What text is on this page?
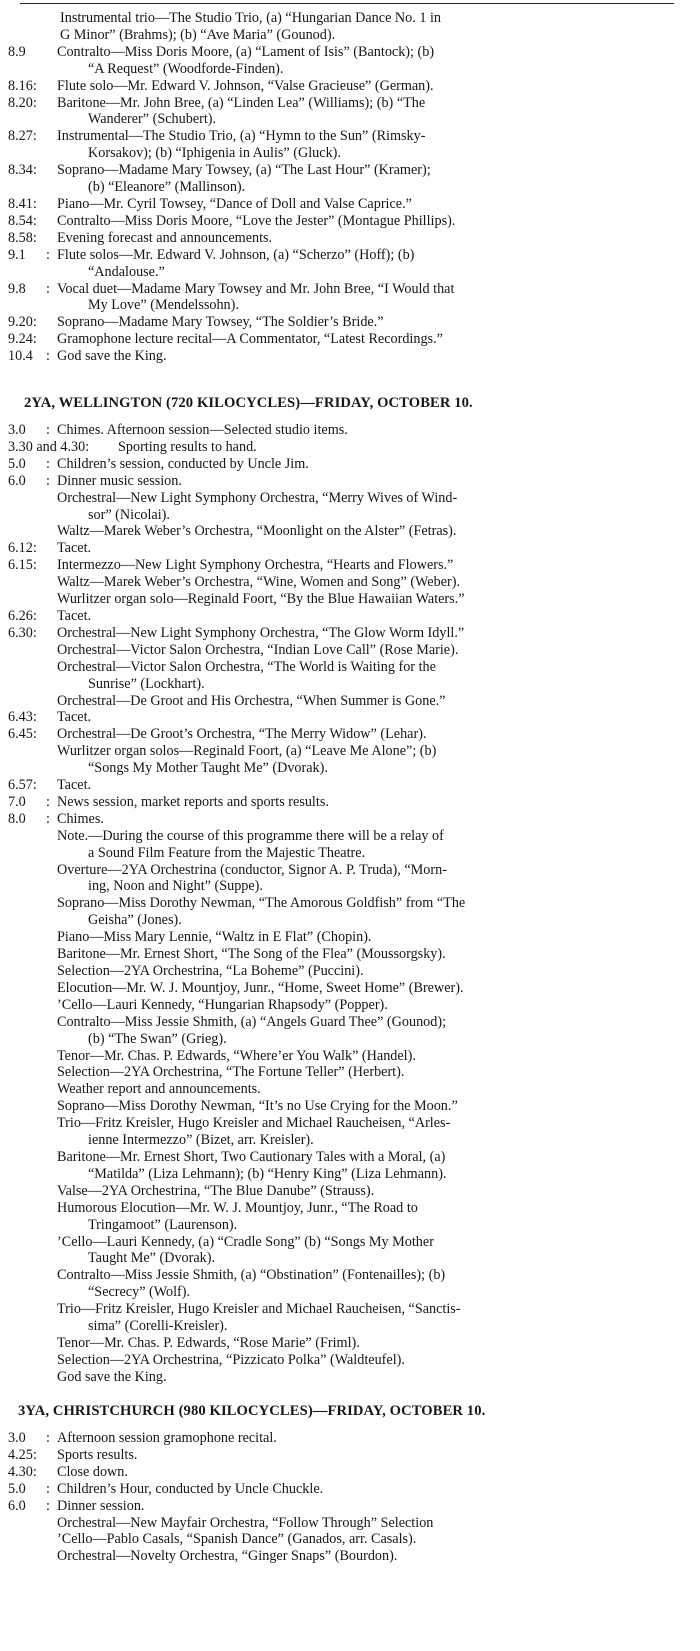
Instrumental trio—The Studio Trio, (a) “Hungarian Dance No. 1 in
G Minor” (Brahms); (b) “Ave Maria” (Gounod).
8.9	Contralto—Miss Doris Moore, (a) “Lament of Isis” (Bantock); (b)
“A Request” (Woodforde-Finden).
8.16:	Flute solo—Mr. Edward V. Johnson, “Valse Gracieuse” (German).
8.20:	Baritone—Mr. John Bree, (a) “Linden Lea” (Williams); (b) “The
Wanderer” (Schubert).
8.27:	Instrumental—The Studio Trio, (a) “Hymn to the Sun” (Rimsky-
Korsakov); (b) “Iphigenia in Aulis” (Gluck).
8.34:	Soprano—Madame Mary Towsey, (a) “The Last Hour” (Kramer);
(b) “Eleanore” (Mallinson).
8.41:	Piano—Mr. Cyril Towsey, “Dance of Doll and Valse Caprice.”
8.54:	Contralto—Miss Doris Moore, “Love the Jester” (Montague Phillips).
8.58:	Evening forecast and announcements.
9.1 : Flute solos—Mr. Edward V. Johnson, (a) “Scherzo” (Hoff); (b)
“Andalouse.”
9.8 : Vocal duet—Madame Mary Towsey and Mr. John Bree, “I Would that
My Love” (Mendelssohn).
9.20:	Soprano—Madame Mary Towsey, “The Soldier’s Bride.”
9.24:	Gramophone lecture recital—A Commentator, “Latest Recordings.”
10.4 : God save the King.
2YA, WELLINGTON (720 KILOCYCLES)—FRIDAY, OCTOBER 10.
3.0 : Chimes. Afternoon session—Selected studio items.
3.30 and 4.30:	Sporting results to hand.
5.0 : Children’s session, conducted by Uncle Jim.
6.0 : Dinner music session.
Orchestral—New Light Symphony Orchestra, “Merry Wives of Wind-
sor” (Nicolai).
Waltz—Marek Weber’s Orchestra, “Moonlight on the Alster” (Fetras).
6.12:	Tacet.
6.15:	Intermezzo—New Light Symphony Orchestra, “Hearts and Flowers.”
Waltz—Marek Weber’s Orchestra, “Wine, Women and Song” (Weber).
Wurlitzer organ solo—Reginald Foort, “By the Blue Hawaiian Waters.”
6.26:	Tacet.
6.30:	Orchestral—New Light Symphony Orchestra, “The Glow Worm Idyll.”
Orchestral—Victor Salon Orchestra, “Indian Love Call” (Rose Marie).
Orchestral—Victor Salon Orchestra, “The World is Waiting for the
Sunrise” (Lockhart).
Orchestral—De Groot and His Orchestra, “When Summer is Gone.”
6.43:	Tacet.
6.45:	Orchestral—De Groot’s Orchestra, “The Merry Widow” (Lehar).
Wurlitzer organ solos—Reginald Foort, (a) “Leave Me Alone”; (b)
“Songs My Mother Taught Me” (Dvorak).
6.57:	Tacet.
7.0 : News session, market reports and sports results.
8.0 : Chimes.
Note.—During the course of this programme there will be a relay of
a Sound Film Feature from the Majestic Theatre.
Overture—2YA Orchestrina (conductor, Signor A. P. Truda), “Morn-
ing, Noon and Night” (Suppe).
Soprano—Miss Dorothy Newman, “The Amorous Goldfish” from “The
Geisha” (Jones).
Piano—Miss Mary Lennie, “Waltz in E Flat” (Chopin).
Baritone—Mr. Ernest Short, “The Song of the Flea” (Moussorgsky).
Selection—2YA Orchestrina, “La Boheme” (Puccini).
Elocution—Mr. W. J. Mountjoy, Junr., “Home, Sweet Home” (Brewer).
’Cello—Lauri Kennedy, “Hungarian Rhapsody” (Popper).
Contralto—Miss Jessie Shmith, (a) “Angels Guard Thee” (Gounod);
(b) “The Swan” (Grieg).
Tenor—Mr. Chas. P. Edwards, “Where’er You Walk” (Handel).
Selection—2YA Orchestrina, “The Fortune Teller” (Herbert).
Weather report and announcements.
Soprano—Miss Dorothy Newman, “It’s no Use Crying for the Moon.”
Trio—Fritz Kreisler, Hugo Kreisler and Michael Raucheisen, “Arles-
ienne Intermezzo” (Bizet, arr. Kreisler).
Baritone—Mr. Ernest Short, Two Cautionary Tales with a Moral, (a)
“Matilda” (Liza Lehmann); (b) “Henry King” (Liza Lehmann).
Valse—2YA Orchestrina, “The Blue Danube” (Strauss).
Humorous Elocution—Mr. W. J. Mountjoy, Junr., “The Road to
Tringamoot” (Laurenson).
’Cello—Lauri Kennedy, (a) “Cradle Song” (b) “Songs My Mother
Taught Me” (Dvorak).
Contralto—Miss Jessie Shmith, (a) “Obstination” (Fontenailles); (b)
“Secrecy” (Wolf).
Trio—Fritz Kreisler, Hugo Kreisler and Michael Raucheisen, “Sanctis-
sima” (Corelli-Kreisler).
Tenor—Mr. Chas. P. Edwards, “Rose Marie” (Friml).
Selection—2YA Orchestrina, “Pizzicato Polka” (Waldteufel).
God save the King.
3YA, CHRISTCHURCH (980 KILOCYCLES)—FRIDAY, OCTOBER 10.
3.0 : Afternoon session gramophone recital.
4.25:	Sports results.
4.30:	Close down.
5.0 : Children’s Hour, conducted by Uncle Chuckle.
6.0 : Dinner session.
Orchestral—New Mayfair Orchestra, “Follow Through” Selection
’Cello—Pablo Casals, “Spanish Dance” (Ganados, arr. Casals).
Orchestral—Novelty Orchestra, “Ginger Snaps” (Bourdon).
